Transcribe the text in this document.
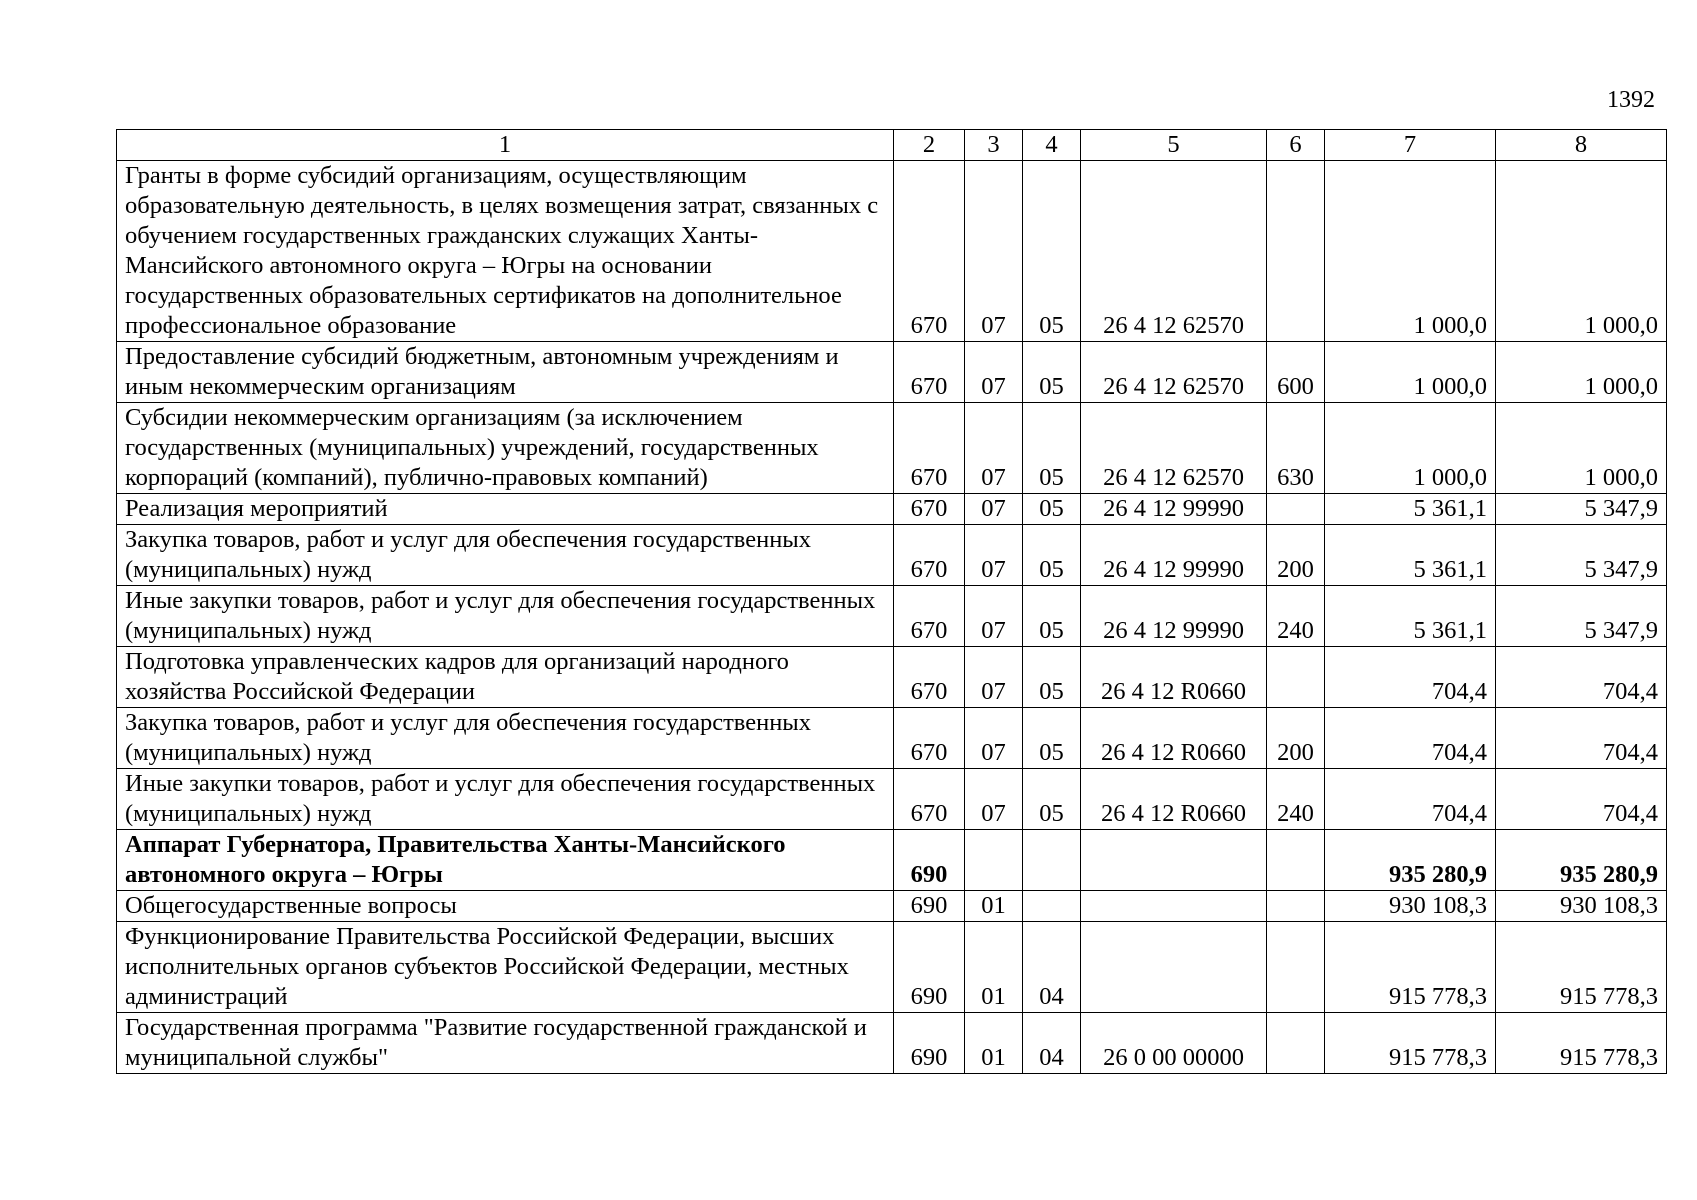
1392
1	2	3	4	5	6	7	8
Гранты в форме субсидий организациям, осуществляющим образовательную деятельность, в целях возмещения затрат, связанных с обучением государственных гражданских служащих Ханты-Мансийского автономного округа – Югры на основании государственных образовательных сертификатов на дополнительное профессиональное образование	670	07	05	26 4 12 62570		1 000,0	1 000,0
Предоставление субсидий бюджетным, автономным учреждениям и иным некоммерческим организациям	670	07	05	26 4 12 62570	600	1 000,0	1 000,0
Субсидии некоммерческим организациям (за исключением государственных (муниципальных) учреждений, государственных корпораций (компаний), публично-правовых компаний)	670	07	05	26 4 12 62570	630	1 000,0	1 000,0
Реализация мероприятий	670	07	05	26 4 12 99990		5 361,1	5 347,9
Закупка товаров, работ и услуг для обеспечения государственных (муниципальных) нужд	670	07	05	26 4 12 99990	200	5 361,1	5 347,9
Иные закупки товаров, работ и услуг для обеспечения государственных (муниципальных) нужд	670	07	05	26 4 12 99990	240	5 361,1	5 347,9
Подготовка управленческих кадров для организаций народного хозяйства Российской Федерации	670	07	05	26 4 12 R0660		704,4	704,4
Закупка товаров, работ и услуг для обеспечения государственных (муниципальных) нужд	670	07	05	26 4 12 R0660	200	704,4	704,4
Иные закупки товаров, работ и услуг для обеспечения государственных (муниципальных) нужд	670	07	05	26 4 12 R0660	240	704,4	704,4
Аппарат Губернатора, Правительства Ханты-Мансийского автономного округа – Югры	690					935 280,9	935 280,9
Общегосударственные вопросы	690	01				930 108,3	930 108,3
Функционирование Правительства Российской Федерации, высших исполнительных органов субъектов Российской Федерации, местных администраций	690	01	04			915 778,3	915 778,3
Государственная программа "Развитие государственной гражданской и муниципальной службы"	690	01	04	26 0 00 00000		915 778,3	915 778,3
